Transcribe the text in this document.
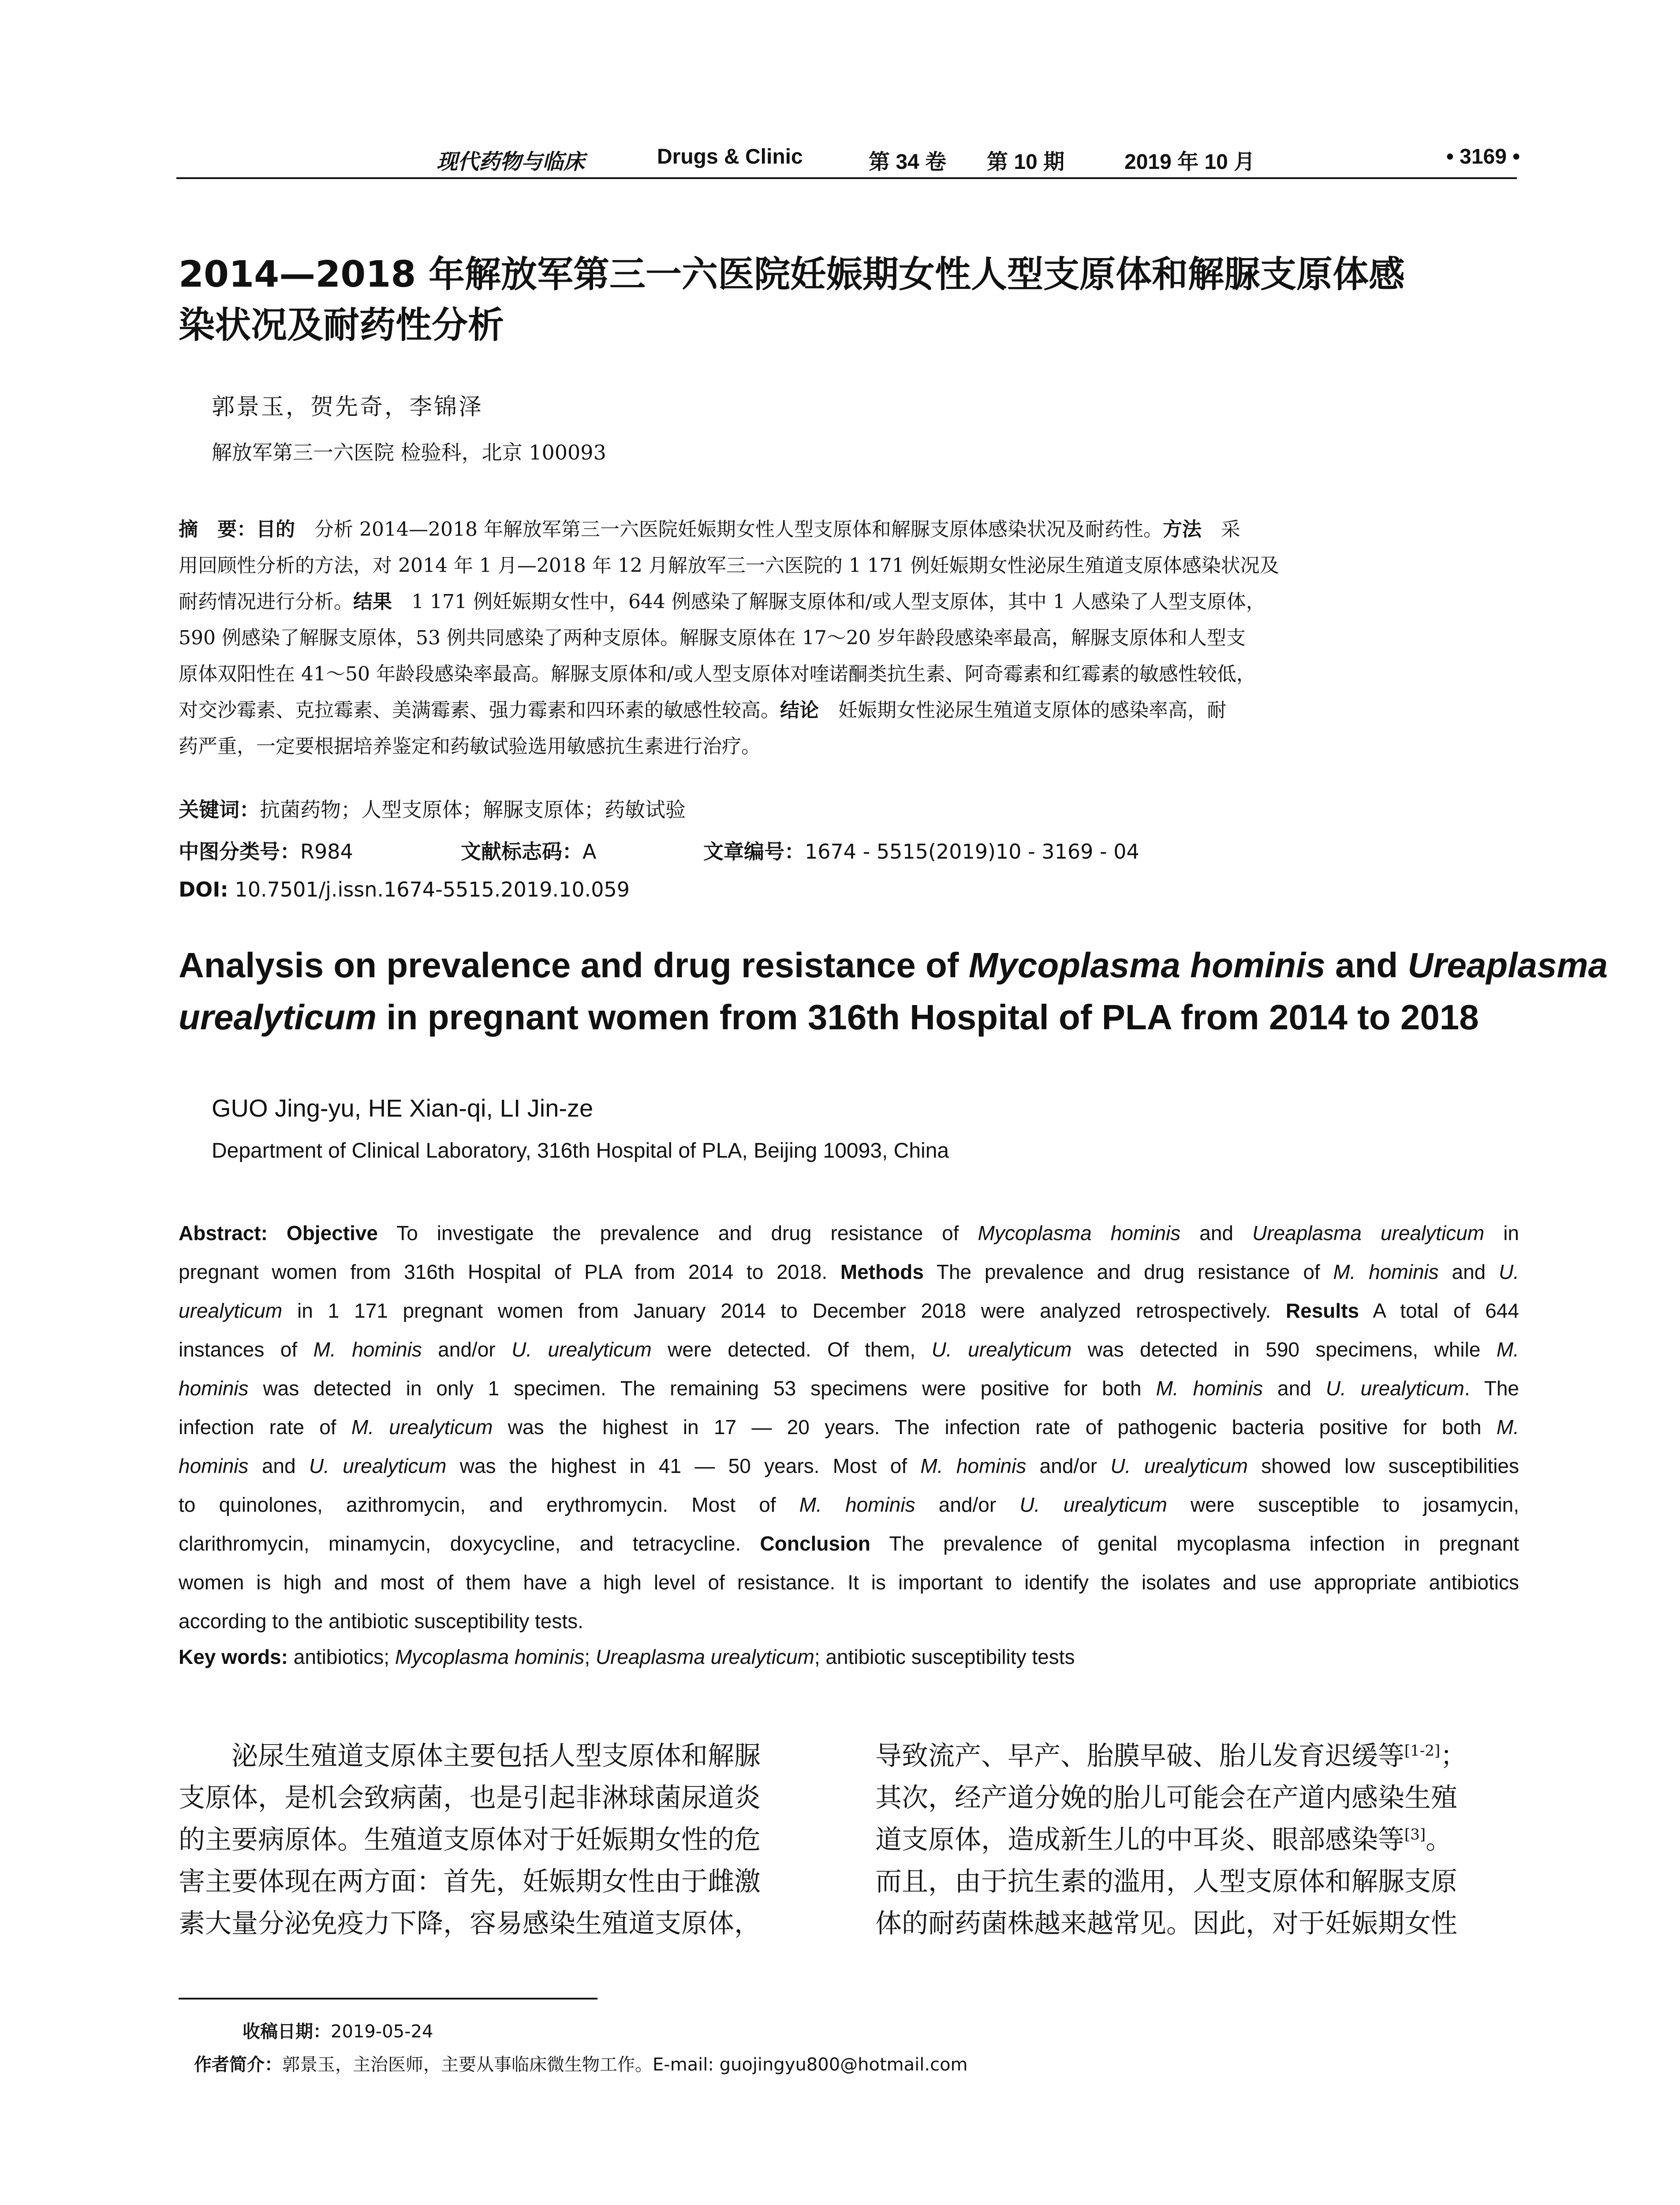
现代药物与临床	Drugs & Clinic	第 34 卷 第 10 期	2019 年 10 月	• 3169 •
2014—2018 年解放军第三一六医院妊娠期女性人型支原体和解脲支原体感
染状况及耐药性分析
郭景玉，贺先奇，李锦泽
解放军第三一六医院 检验科，北京 100093
摘　要：目的　分析 2014—2018 年解放军第三一六医院妊娠期女性人型支原体和解脲支原体感染状况及耐药性。方法　采
用回顾性分析的方法，对 2014 年 1 月—2018 年 12 月解放军三一六医院的 1 171 例妊娠期女性泌尿生殖道支原体感染状况及
耐药情况进行分析。结果　1 171 例妊娠期女性中，644 例感染了解脲支原体和/或人型支原体，其中 1 人感染了人型支原体，
590 例感染了解脲支原体，53 例共同感染了两种支原体。解脲支原体在 17～20 岁年龄段感染率最高，解脲支原体和人型支
原体双阳性在 41～50 年龄段感染率最高。解脲支原体和/或人型支原体对喹诺酮类抗生素、阿奇霉素和红霉素的敏感性较低，
对交沙霉素、克拉霉素、美满霉素、强力霉素和四环素的敏感性较高。结论　妊娠期女性泌尿生殖道支原体的感染率高，耐
药严重，一定要根据培养鉴定和药敏试验选用敏感抗生素进行治疗。
关键词：抗菌药物；人型支原体；解脲支原体；药敏试验
中图分类号：R984	文献标志码：A	文章编号：1674 - 5515(2019)10 - 3169 - 04
DOI: 10.7501/j.issn.1674-5515.2019.10.059
Analysis on prevalence and drug resistance of Mycoplasma hominis and Ureaplasma
urealyticum in pregnant women from 316th Hospital of PLA from 2014 to 2018
GUO Jing-yu, HE Xian-qi, LI Jin-ze
Department of Clinical Laboratory, 316th Hospital of PLA, Beijing 10093, China
Abstract: Objective To investigate the prevalence and drug resistance of Mycoplasma hominis and Ureaplasma urealyticum in
pregnant women from 316th Hospital of PLA from 2014 to 2018. Methods The prevalence and drug resistance of M. hominis and U.
urealyticum in 1 171 pregnant women from January 2014 to December 2018 were analyzed retrospectively. Results A total of 644
instances of M. hominis and/or U. urealyticum were detected. Of them, U. urealyticum was detected in 590 specimens, while M.
hominis was detected in only 1 specimen. The remaining 53 specimens were positive for both M. hominis and U. urealyticum. The
infection rate of M. urealyticum was the highest in 17 — 20 years. The infection rate of pathogenic bacteria positive for both M.
hominis and U. urealyticum was the highest in 41 — 50 years. Most of M. hominis and/or U. urealyticum showed low susceptibilities
to quinolones, azithromycin, and erythromycin. Most of M. hominis and/or U. urealyticum were susceptible to josamycin,
clarithromycin, minamycin, doxycycline, and tetracycline. Conclusion The prevalence of genital mycoplasma infection in pregnant
women is high and most of them have a high level of resistance. It is important to identify the isolates and use appropriate antibiotics
according to the antibiotic susceptibility tests.
Key words: antibiotics; Mycoplasma hominis; Ureaplasma urealyticum; antibiotic susceptibility tests
　　泌尿生殖道支原体主要包括人型支原体和解脲
支原体，是机会致病菌，也是引起非淋球菌尿道炎
的主要病原体。生殖道支原体对于妊娠期女性的危
害主要体现在两方面：首先，妊娠期女性由于雌激
素大量分泌免疫力下降，容易感染生殖道支原体，
导致流产、早产、胎膜早破、胎儿发育迟缓等[1-2]；
其次，经产道分娩的胎儿可能会在产道内感染生殖
道支原体，造成新生儿的中耳炎、眼部感染等[3]。
而且，由于抗生素的滥用，人型支原体和解脲支原
体的耐药菌株越来越常见。因此，对于妊娠期女性
收稿日期：2019-05-24
作者简介：郭景玉，主治医师，主要从事临床微生物工作。E-mail: guojingyu800@hotmail.com
